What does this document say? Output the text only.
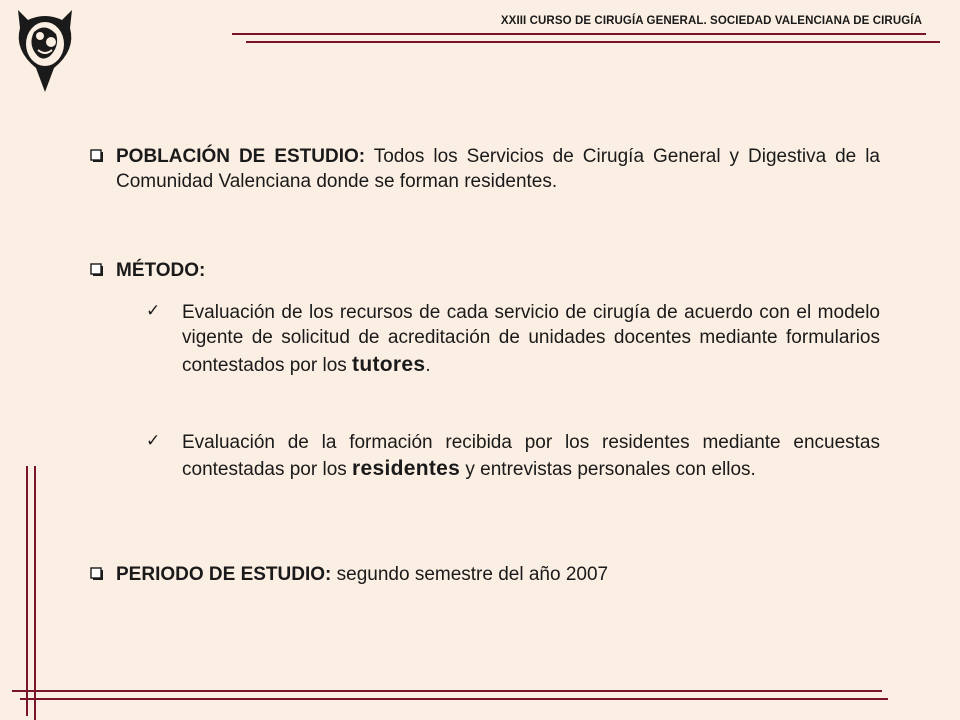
XXIII CURSO DE CIRUGÍA GENERAL. SOCIEDAD VALENCIANA DE CIRUGÍA
POBLACIÓN DE ESTUDIO: Todos los Servicios de Cirugía General y Digestiva de la Comunidad Valenciana donde se forman residentes.
MÉTODO:
✓ Evaluación de los recursos de cada servicio de cirugía de acuerdo con el modelo vigente de solicitud de acreditación de unidades docentes mediante formularios contestados por los tutores.
✓ Evaluación de la formación recibida por los residentes mediante encuestas contestadas por los residentes y entrevistas personales con ellos.
PERIODO DE ESTUDIO: segundo semestre del año 2007
